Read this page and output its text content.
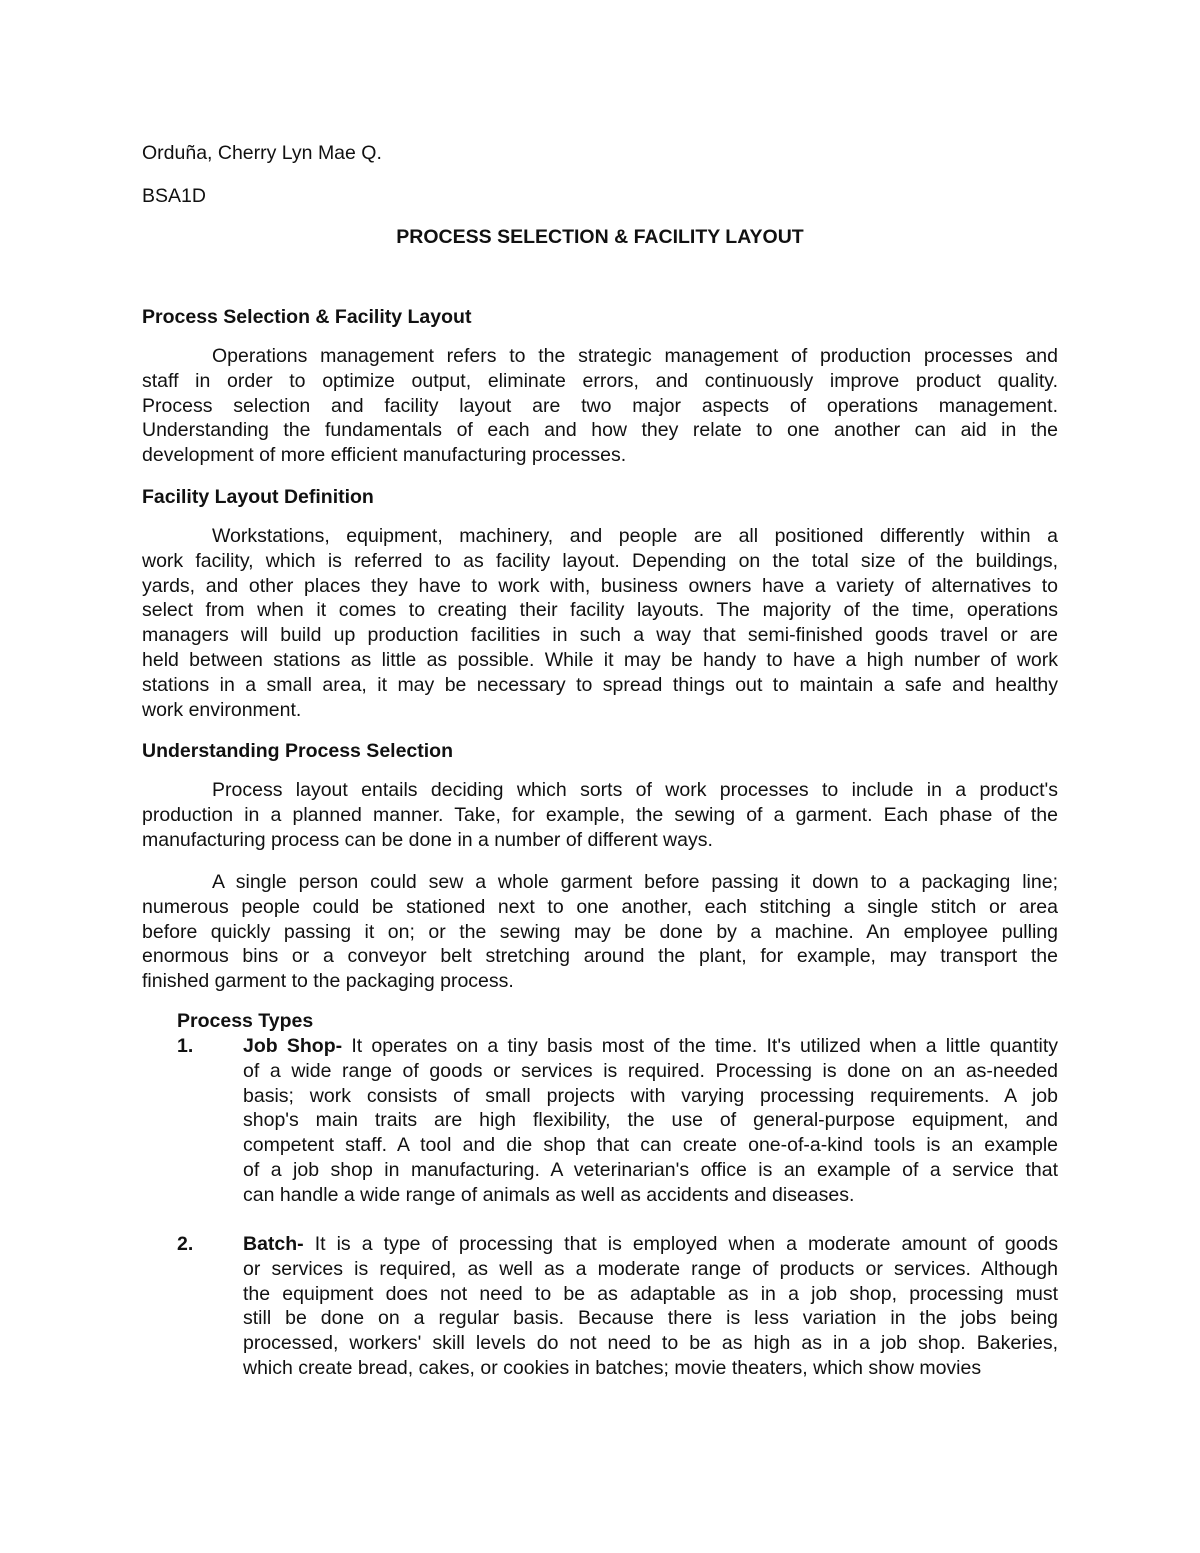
Orduña, Cherry Lyn Mae Q.
BSA1D
PROCESS SELECTION & FACILITY LAYOUT
Process Selection & Facility Layout
Operations management refers to the strategic management of production processes and
staff in order to optimize output, eliminate errors, and continuously improve product quality.
Process selection and facility layout are two major aspects of operations management.
Understanding the fundamentals of each and how they relate to one another can aid in the
development of more efficient manufacturing processes.
Facility Layout Definition
Workstations, equipment, machinery, and people are all positioned differently within a
work facility, which is referred to as facility layout. Depending on the total size of the buildings,
yards, and other places they have to work with, business owners have a variety of alternatives to
select from when it comes to creating their facility layouts. The majority of the time, operations
managers will build up production facilities in such a way that semi-finished goods travel or are
held between stations as little as possible. While it may be handy to have a high number of work
stations in a small area, it may be necessary to spread things out to maintain a safe and healthy
work environment.
Understanding Process Selection
Process layout entails deciding which sorts of work processes to include in a product's
production in a planned manner. Take, for example, the sewing of a garment. Each phase of the
manufacturing process can be done in a number of different ways.
A single person could sew a whole garment before passing it down to a packaging line;
numerous people could be stationed next to one another, each stitching a single stitch or area
before quickly passing it on; or the sewing may be done by a machine. An employee pulling
enormous bins or a conveyor belt stretching around the plant, for example, may transport the
finished garment to the packaging process.
Process Types
1.	Job Shop- It operates on a tiny basis most of the time. It's utilized when a little quantity
of a wide range of goods or services is required. Processing is done on an as-needed
basis; work consists of small projects with varying processing requirements. A job
shop's main traits are high flexibility, the use of general-purpose equipment, and
competent staff. A tool and die shop that can create one-of-a-kind tools is an example
of a job shop in manufacturing. A veterinarian's office is an example of a service that
can handle a wide range of animals as well as accidents and diseases.
2.	Batch- It is a type of processing that is employed when a moderate amount of goods
or services is required, as well as a moderate range of products or services. Although
the equipment does not need to be as adaptable as in a job shop, processing must
still be done on a regular basis. Because there is less variation in the jobs being
processed, workers' skill levels do not need to be as high as in a job shop. Bakeries,
which create bread, cakes, or cookies in batches; movie theaters, which show movies
